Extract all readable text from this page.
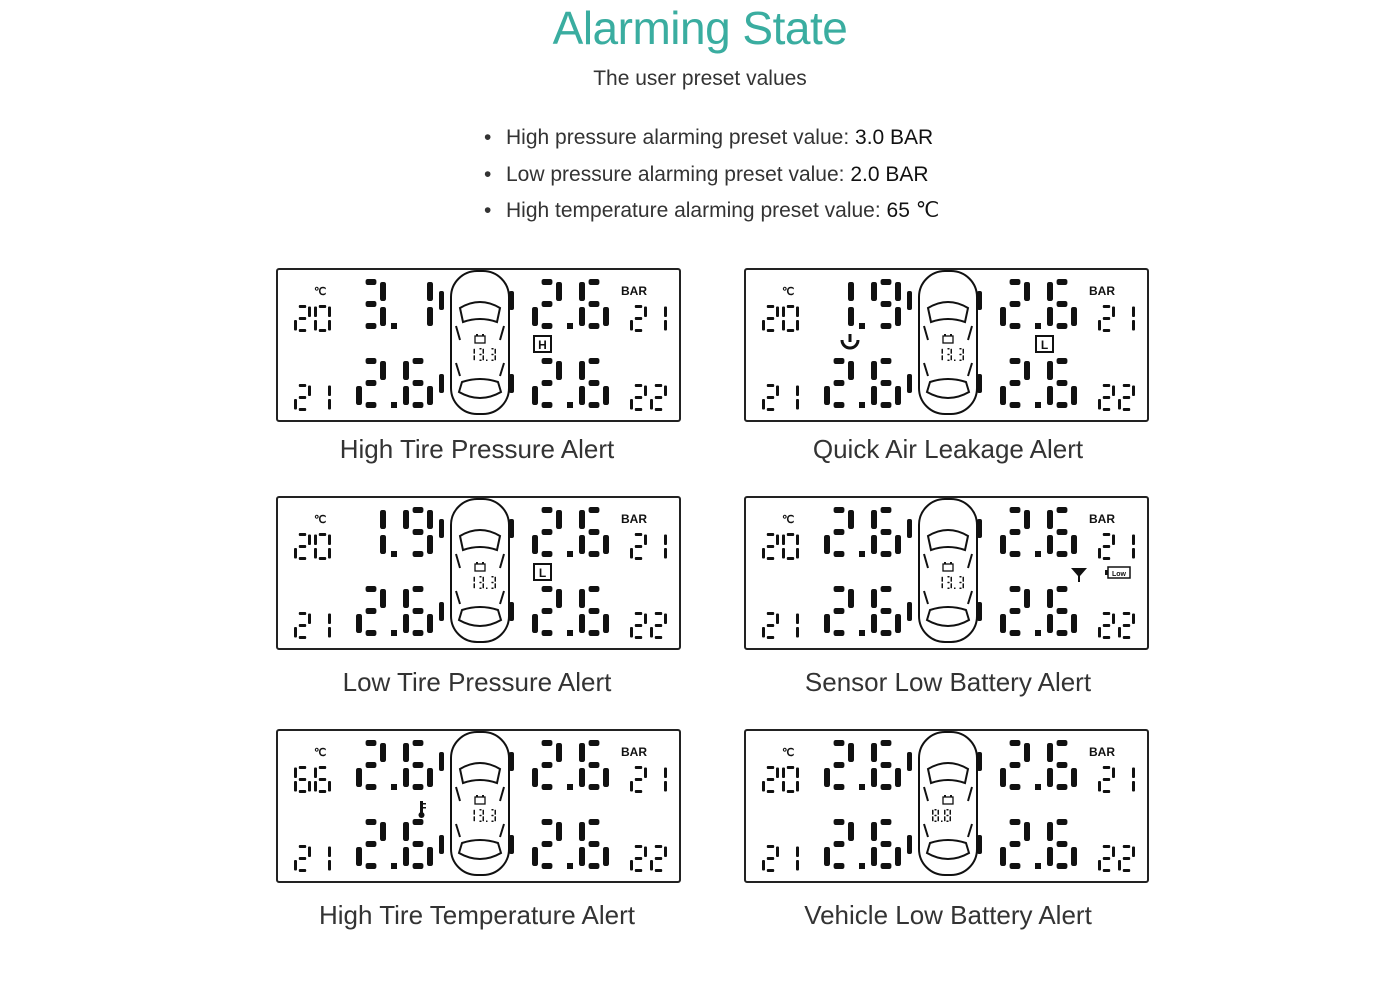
Alarming State
The user preset values
• High pressure alarming preset value: 3.0 BAR
• Low pressure alarming preset value: 2.0 BAR
• High temperature alarming preset value: 65 ℃
℃	BAR
H
High Tire Pressure Alert
℃	BAR
L
Quick Air Leakage Alert
℃	BAR
L
Low Tire Pressure Alert
℃	BAR
Low
Sensor Low Battery Alert
℃	BAR
High Tire Temperature Alert
℃	BAR
Vehicle Low Battery Alert
